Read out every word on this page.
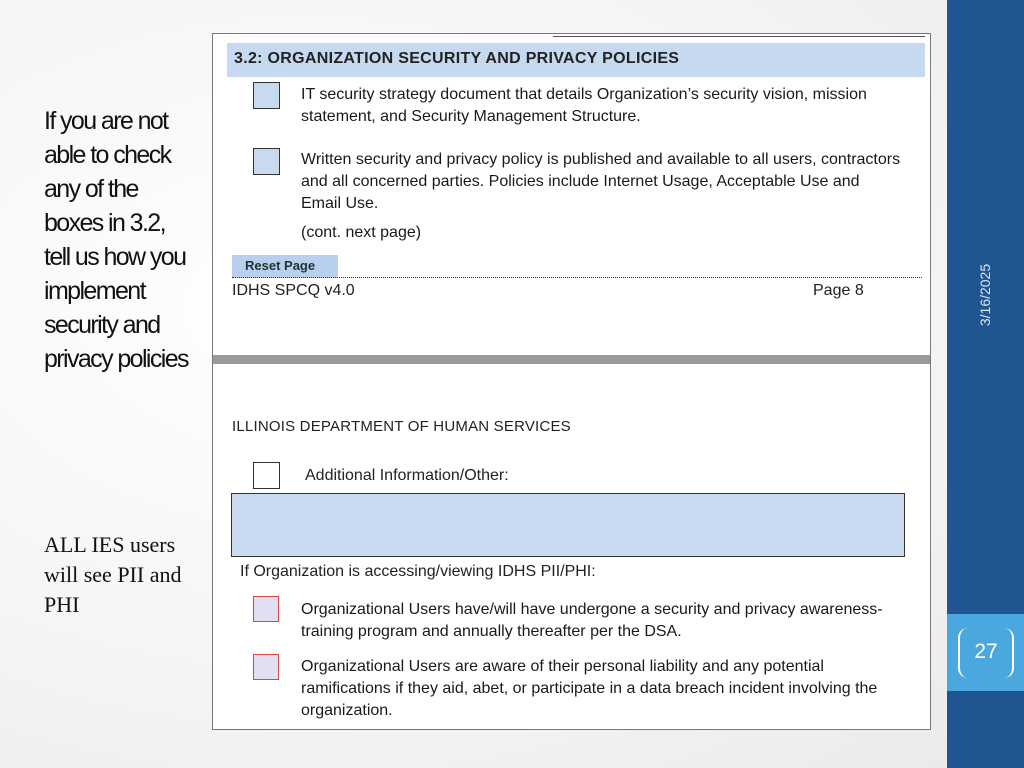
If you are not able to check any of the boxes in 3.2, tell us how you implement security and privacy policies
ALL IES users will see PII and PHI
3/16/2025
27
3.2: ORGANIZATION SECURITY AND PRIVACY POLICIES
IT security strategy document that details Organization’s security vision, mission statement, and Security Management Structure.
Written security and privacy policy is published and available to all users, contractors and all concerned parties. Policies include Internet Usage, Acceptable Use and Email Use.
(cont. next page)
Reset Page
IDHS SPCQ v4.0	Page 8
ILLINOIS DEPARTMENT OF HUMAN SERVICES
Additional Information/Other:
If Organization is accessing/viewing IDHS PII/PHI:
Organizational Users have/will have undergone a security and privacy awareness-training program and annually thereafter per the DSA.
Organizational Users are aware of their personal liability and any potential ramifications if they aid, abet, or participate in a data breach incident involving the organization.
